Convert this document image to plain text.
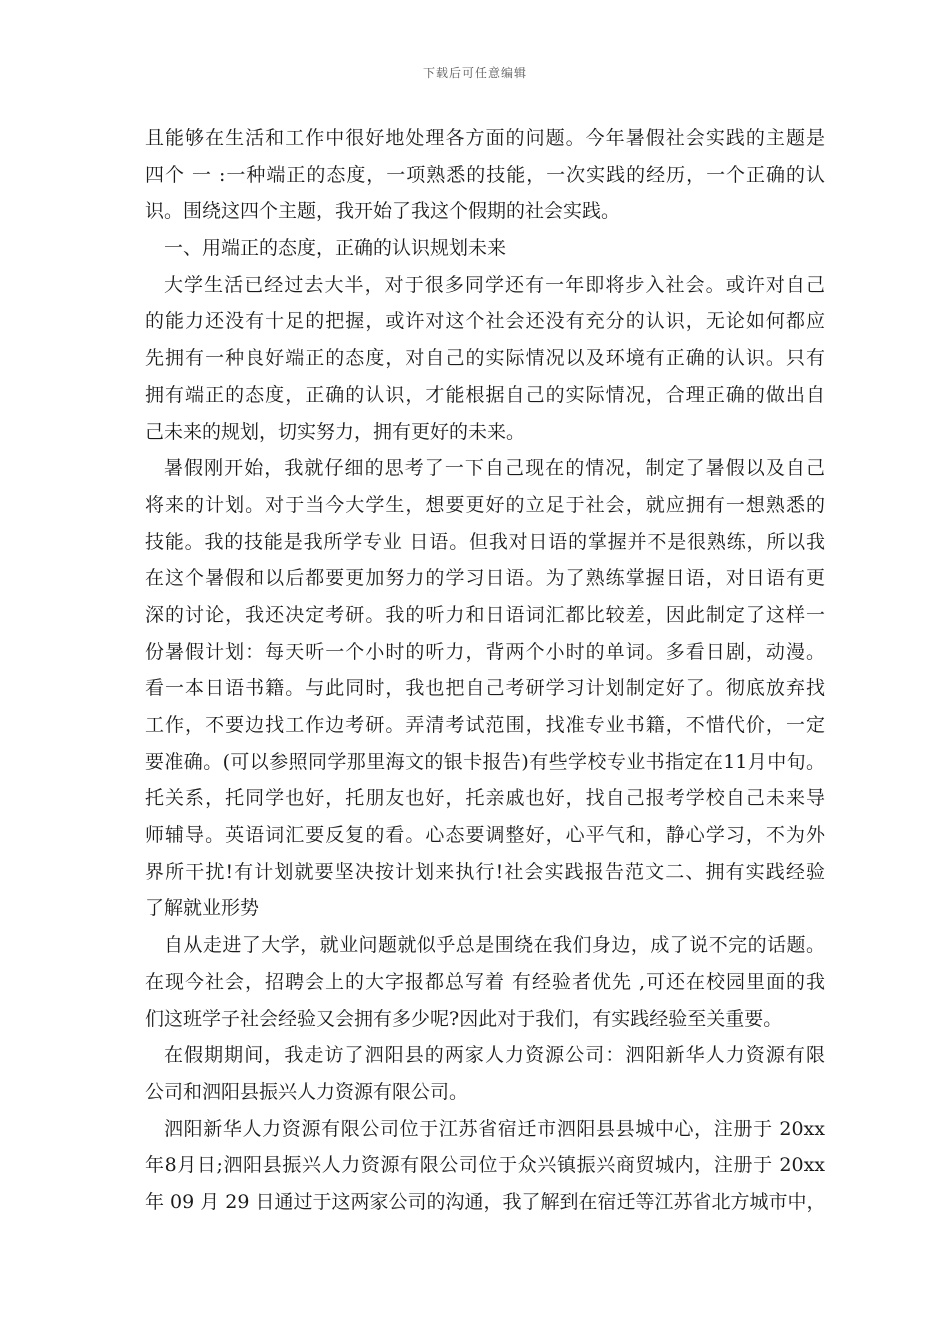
下载后可任意编辑
且能够在生活和工作中很好地处理各方面的问题。今年暑假社会实践的主题是
四个 一 :一种端正的态度，一项熟悉的技能，一次实践的经历，一个正确的认
识。围绕这四个主题，我开始了我这个假期的社会实践。
一、用端正的态度，正确的认识规划未来
大学生活已经过去大半，对于很多同学还有一年即将步入社会。或许对自己
的能力还没有十足的把握，或许对这个社会还没有充分的认识，无论如何都应
先拥有一种良好端正的态度，对自己的实际情况以及环境有正确的认识。只有
拥有端正的态度，正确的认识，才能根据自己的实际情况，合理正确的做出自
己未来的规划，切实努力，拥有更好的未来。
暑假刚开始，我就仔细的思考了一下自己现在的情况，制定了暑假以及自己
将来的计划。对于当今大学生，想要更好的立足于社会，就应拥有一想熟悉的
技能。我的技能是我所学专业 日语。但我对日语的掌握并不是很熟练，所以我
在这个暑假和以后都要更加努力的学习日语。为了熟练掌握日语，对日语有更
深的讨论，我还决定考研。我的听力和日语词汇都比较差，因此制定了这样一
份暑假计划：每天听一个小时的听力，背两个小时的单词。多看日剧，动漫。
看一本日语书籍。与此同时，我也把自己考研学习计划制定好了。彻底放弃找
工作，不要边找工作边考研。弄清考试范围，找准专业书籍，不惜代价，一定
要准确。(可以参照同学那里海文的银卡报告)有些学校专业书指定在11月中旬。
托关系，托同学也好，托朋友也好，托亲戚也好，找自己报考学校自己未来导
师辅导。英语词汇要反复的看。心态要调整好，心平气和，静心学习，不为外
界所干扰!有计划就要坚决按计划来执行!社会实践报告范文二、拥有实践经验
了解就业形势
自从走进了大学，就业问题就似乎总是围绕在我们身边，成了说不完的话题。
在现今社会，招聘会上的大字报都总写着 有经验者优先 ,可还在校园里面的我
们这班学子社会经验又会拥有多少呢?因此对于我们，有实践经验至关重要。
在假期期间，我走访了泗阳县的两家人力资源公司：泗阳新华人力资源有限
公司和泗阳县振兴人力资源有限公司。
泗阳新华人力资源有限公司位于江苏省宿迁市泗阳县县城中心，注册于 20xx
年8月日;泗阳县振兴人力资源有限公司位于众兴镇振兴商贸城内，注册于 20xx
年 09 月 29 日通过于这两家公司的沟通，我了解到在宿迁等江苏省北方城市中，
